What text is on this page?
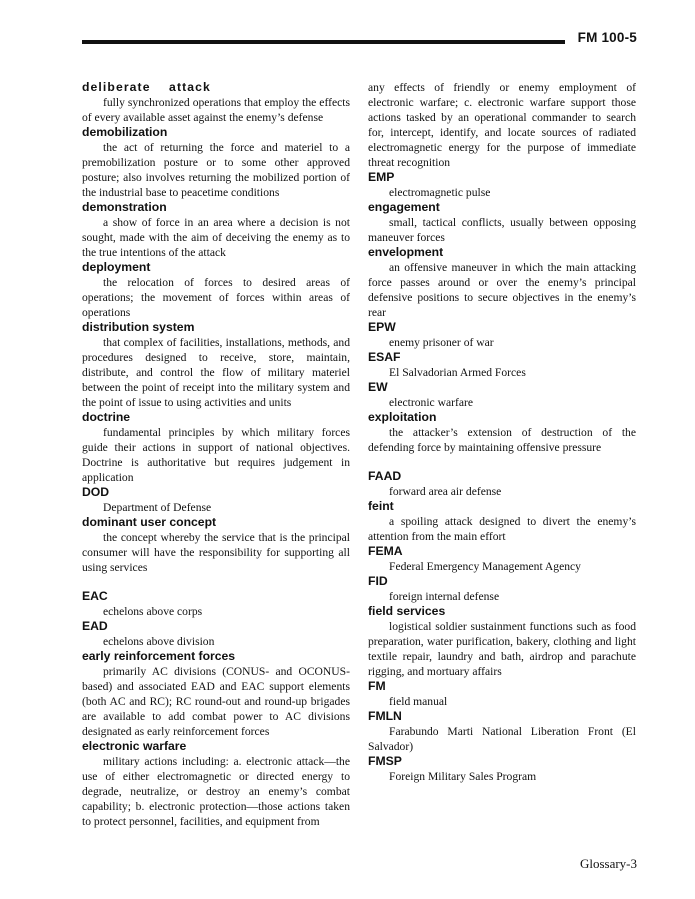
FM 100-5
deliberate attack

fully synchronized operations that employ the effects of every available asset against the enemy’s defense

demobilization

the act of returning the force and materiel to a premobilization posture or to some other approved posture; also involves returning the mobilized portion of the industrial base to peacetime conditions

demonstration

a show of force in an area where a decision is not sought, made with the aim of deceiving the enemy as to the true intentions of the attack

deployment

the relocation of forces to desired areas of operations; the movement of forces within areas of operations

distribution system

that complex of facilities, installations, methods, and procedures designed to receive, store, maintain, distribute, and control the flow of military materiel between the point of receipt into the military system and the point of issue to using activities and units

doctrine

fundamental principles by which military forces guide their actions in support of national objectives. Doctrine is authoritative but requires judgement in application

DOD

Department of Defense

dominant user concept

the concept whereby the service that is the principal consumer will have the responsibility for supporting all using services

EAC

echelons above corps

EAD

echelons above division

early reinforcement forces

primarily AC divisions (CONUS- and OCONUS-based) and associated EAD and EAC support elements (both AC and RC); RC round-out and round-up brigades are available to add combat power to AC divisions designated as early reinforcement forces

electronic warfare

military actions including: a. electronic attack—the use of either electromagnetic or directed energy to degrade, neutralize, or destroy an enemy’s combat capability; b. electronic protection—those actions taken to protect personnel, facilities, and equipment from

any effects of friendly or enemy employment of electronic warfare; c. electronic warfare support those actions tasked by an operational commander to search for, intercept, identify, and locate sources of radiated electromagnetic energy for the purpose of immediate threat recognition

EMP

electromagnetic pulse

engagement

small, tactical conflicts, usually between opposing maneuver forces

envelopment

an offensive maneuver in which the main attacking force passes around or over the enemy’s principal defensive positions to secure objectives in the enemy’s rear

EPW

enemy prisoner of war

ESAF

El Salvadorian Armed Forces

EW

electronic warfare

exploitation

the attacker’s extension of destruction of the defending force by maintaining offensive pressure

FAAD

forward area air defense

feint

a spoiling attack designed to divert the enemy’s attention from the main effort

FEMA

Federal Emergency Management Agency

FID

foreign internal defense

field services

logistical soldier sustainment functions such as food preparation, water purification, bakery, clothing and light textile repair, laundry and bath, airdrop and parachute rigging, and mortuary affairs

FM

field manual

FMLN

Farabundo Marti National Liberation Front (El Salvador)

FMSP

Foreign Military Sales Program

Glossary-3
